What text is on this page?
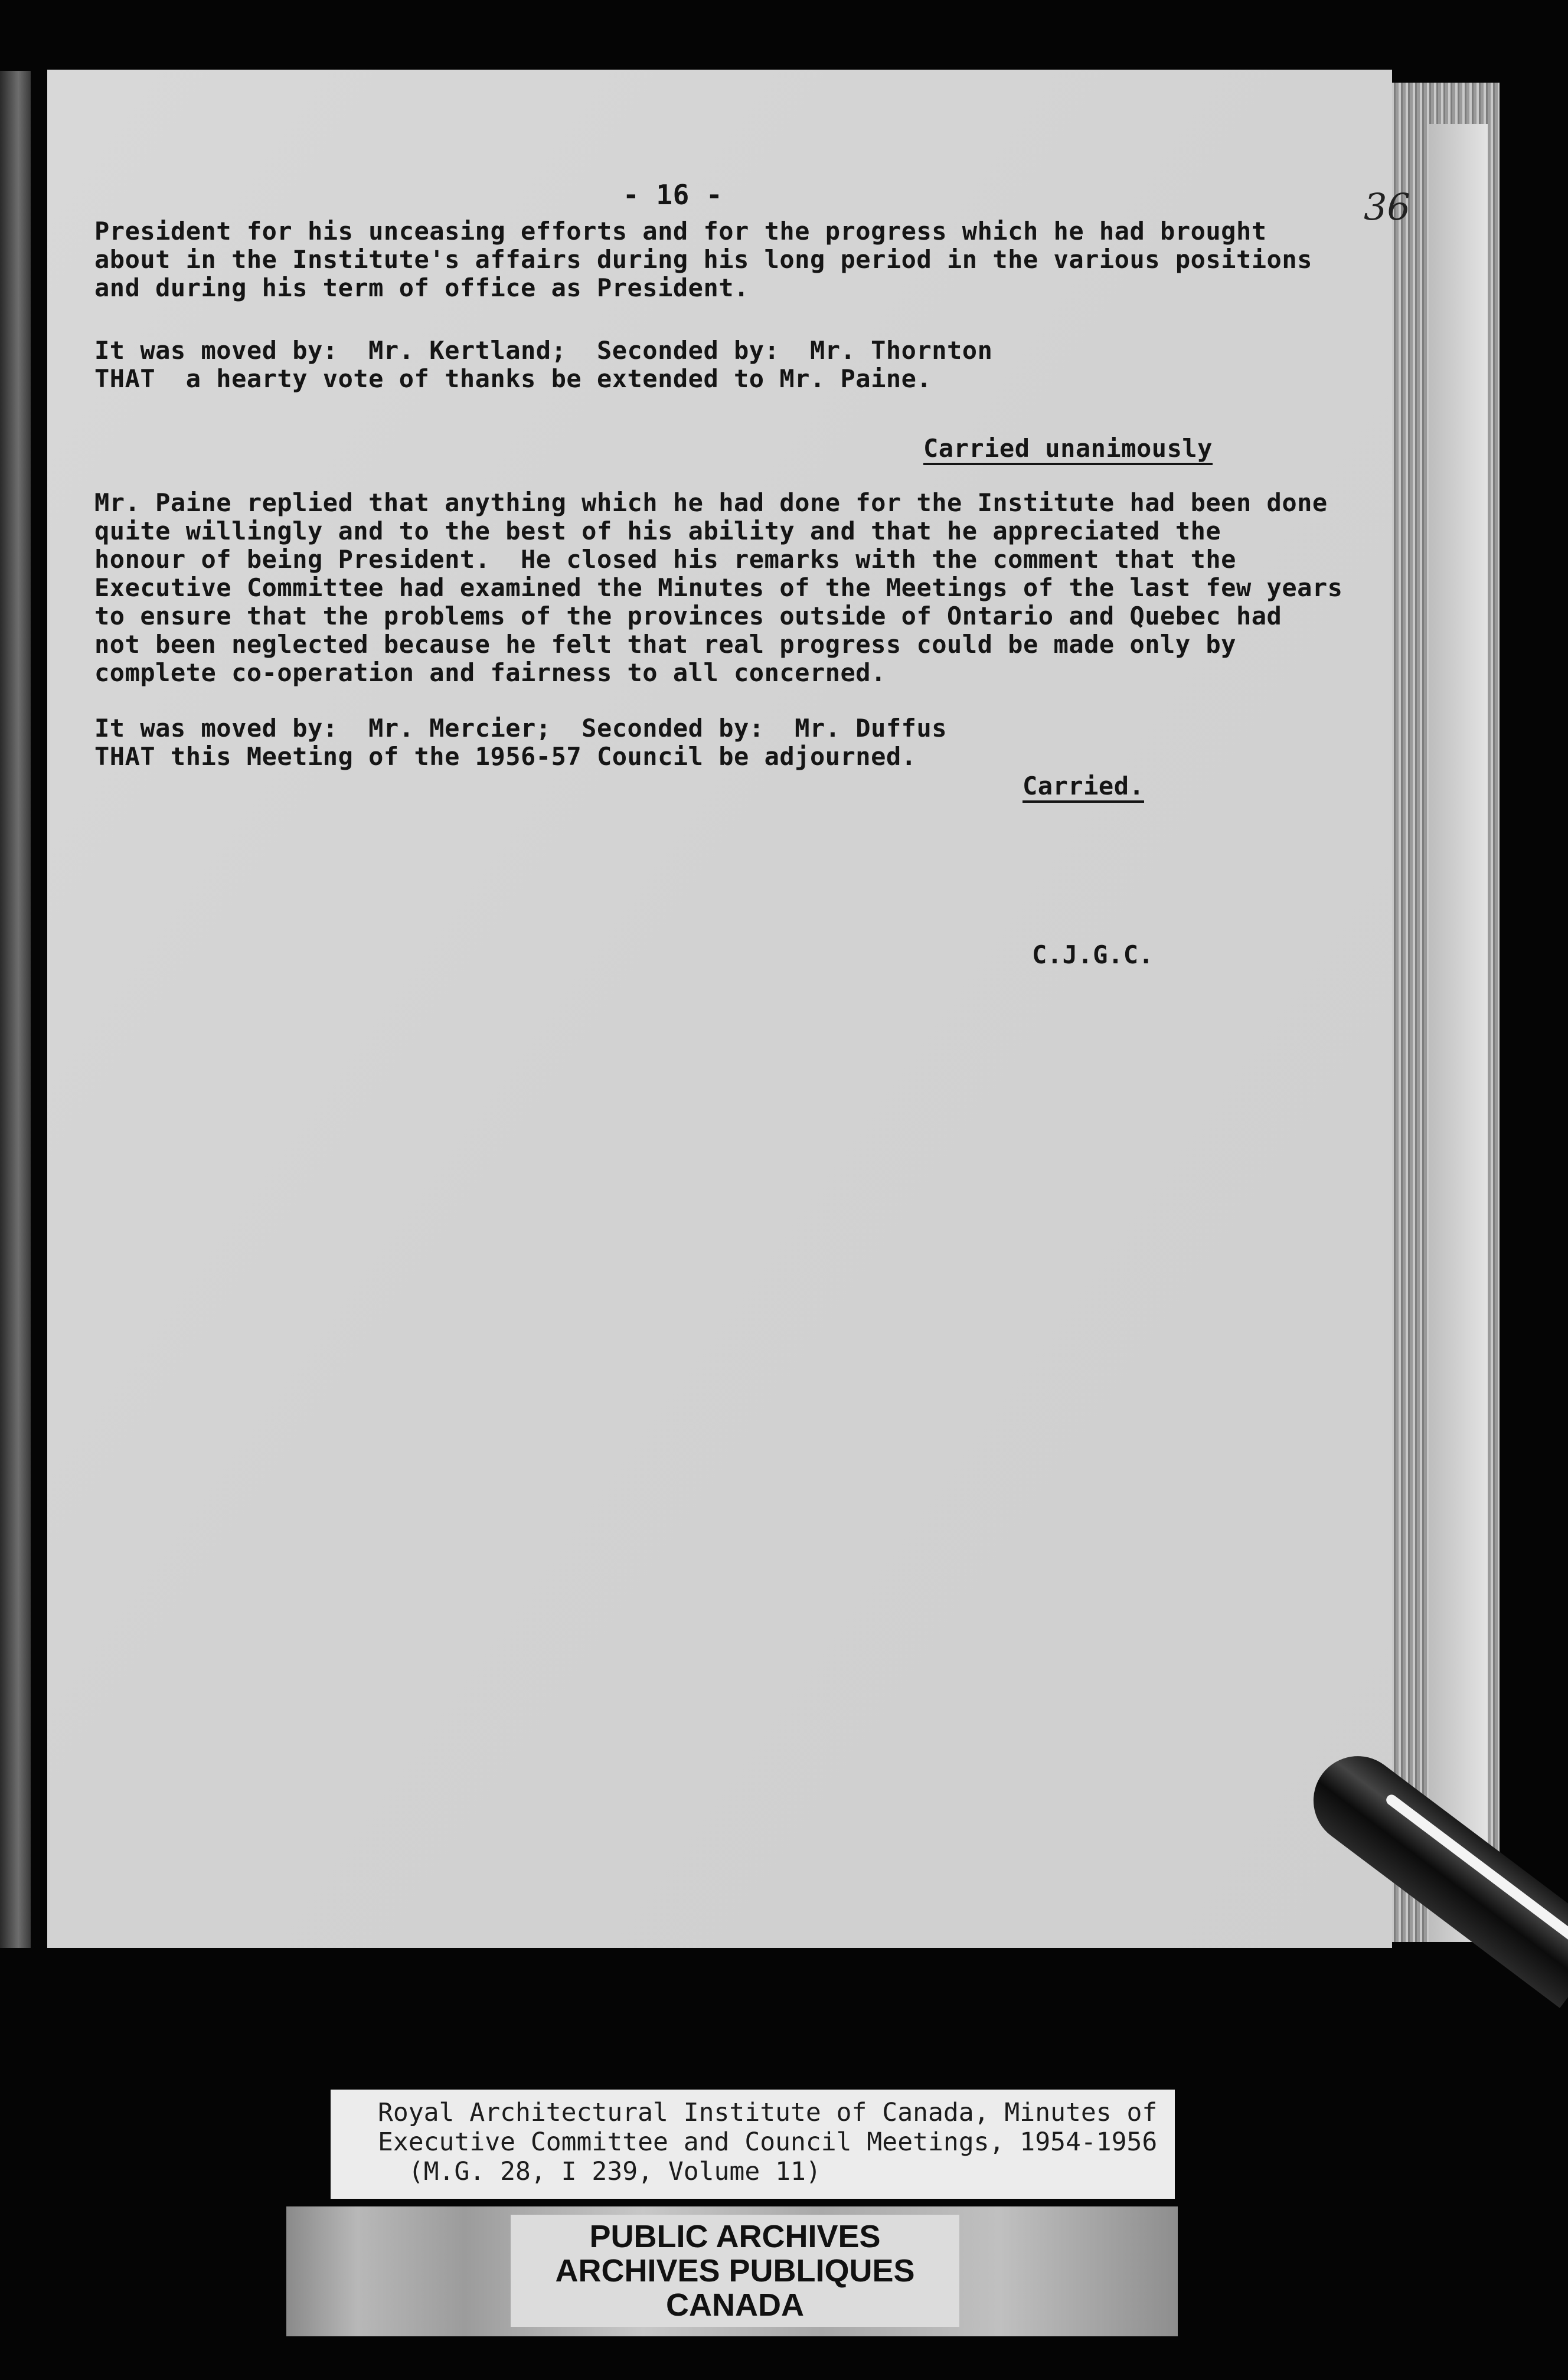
36
- 16 -
President for his unceasing efforts and for the progress which he had brought
about in the Institute's affairs during his long period in the various positions
and during his term of office as President.
It was moved by:  Mr. Kertland;  Seconded by:  Mr. Thornton
THAT  a hearty vote of thanks be extended to Mr. Paine.
Carried unanimously
Mr. Paine replied that anything which he had done for the Institute had been done
quite willingly and to the best of his ability and that he appreciated the
honour of being President.  He closed his remarks with the comment that the
Executive Committee had examined the Minutes of the Meetings of the last few years
to ensure that the problems of the provinces outside of Ontario and Quebec had
not been neglected because he felt that real progress could be made only by
complete co-operation and fairness to all concerned.
It was moved by:  Mr. Mercier;  Seconded by:  Mr. Duffus
THAT this Meeting of the 1956-57 Council be adjourned.
Carried.
C.J.G.C.
Royal Architectural Institute of Canada, Minutes of
Executive Committee and Council Meetings, 1954-1956
(M.G. 28, I 239, Volume 11)
PUBLIC ARCHIVES
ARCHIVES PUBLIQUES
CANADA
